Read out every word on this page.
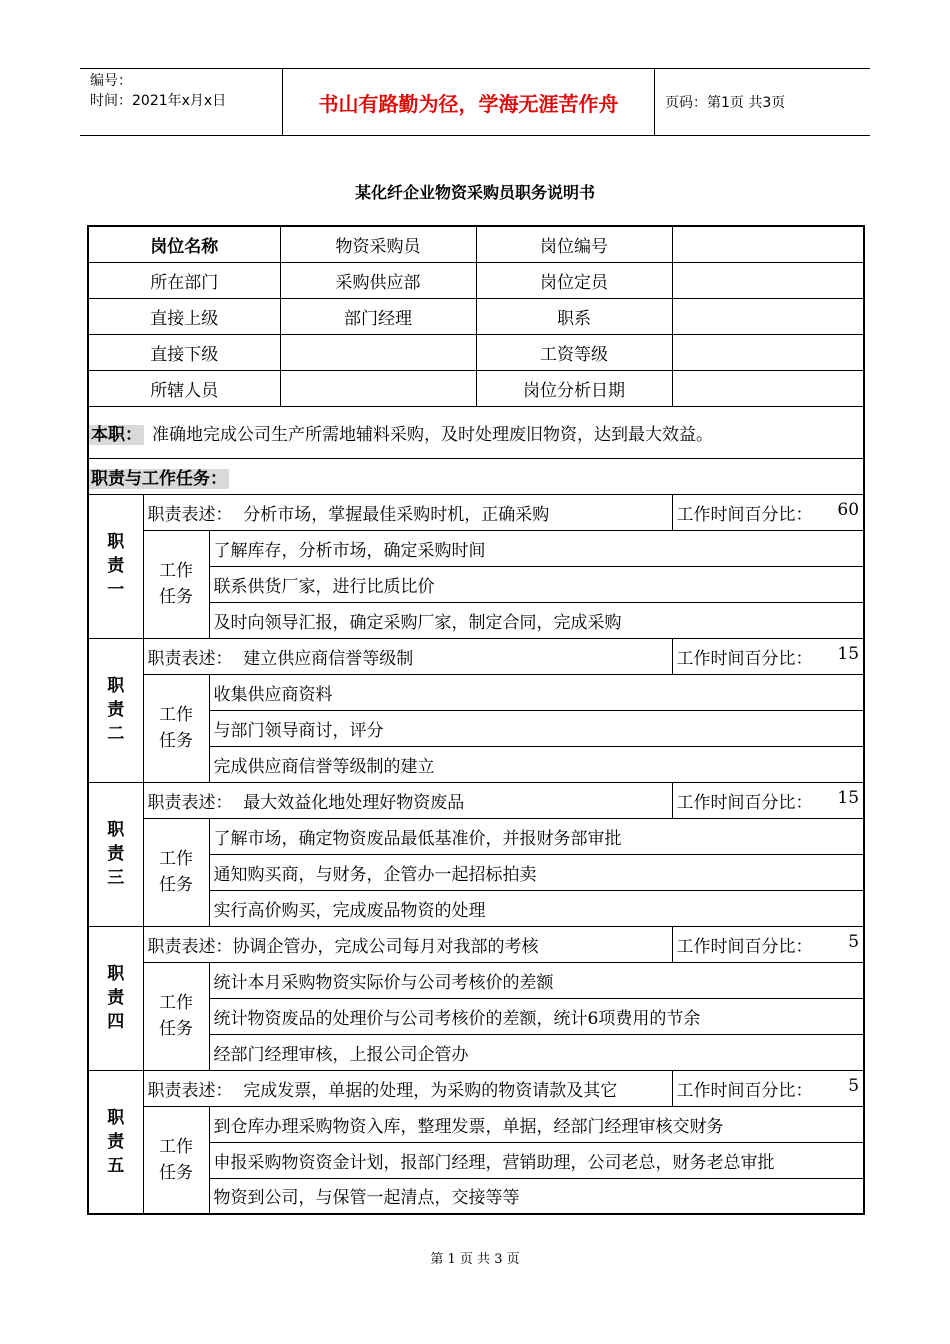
编号：
时间：2021年x月x日	书山有路勤为径，学海无涯苦作舟	页码：第1页 共3页
某化纤企业物资采购员职务说明书
岗位名称			物资采购员	岗位编号	
所在部门			采购供应部	岗位定员	
直接上级			部门经理	职系	
直接下级				工资等级	
所辖人员				岗位分析日期	
本职： 准确地完成公司生产所需地辅料采购，及时处理废旧物资，达到最大效益。					
职责与工作任务：					

职责一	职责表述：  分析市场，掌握最佳采购时机，正确采购				工作时间百分比： 60

	工作任务	了解库存，分析市场，确定采购时间			
		联系供货厂家，进行比质比价			
		及时向领导汇报，确定采购厂家，制定合同，完成采购			

职责二	职责表述：  建立供应商信誉等级制				工作时间百分比： 15

	工作任务	收集供应商资料			
		与部门领导商讨，评分			
		完成供应商信誉等级制的建立			

职责三	职责表述：  最大效益化地处理好物资废品				工作时间百分比： 15

	工作任务	了解市场，确定物资废品最低基准价，并报财务部审批			
		通知购买商，与财务，企管办一起招标拍卖			
		实行高价购买，完成废品物资的处理			

职责四	职责表述：协调企管办，完成公司每月对我部的考核				工作时间百分比： 5

	工作任务	统计本月采购物资实际价与公司考核价的差额			
		统计物资废品的处理价与公司考核价的差额，统计6项费用的节余			
		经部门经理审核，上报公司企管办			

职责五	职责表述：  完成发票，单据的处理，为采购的物资请款及其它				工作时间百分比： 5

	工作任务	到仓库办理采购物资入库，整理发票，单据，经部门经理审核交财务			
		申报采购物资资金计划，报部门经理，营销助理，公司老总，财务老总审批			
		物资到公司，与保管一起清点，交接等等			
第 1 页 共 3 页
